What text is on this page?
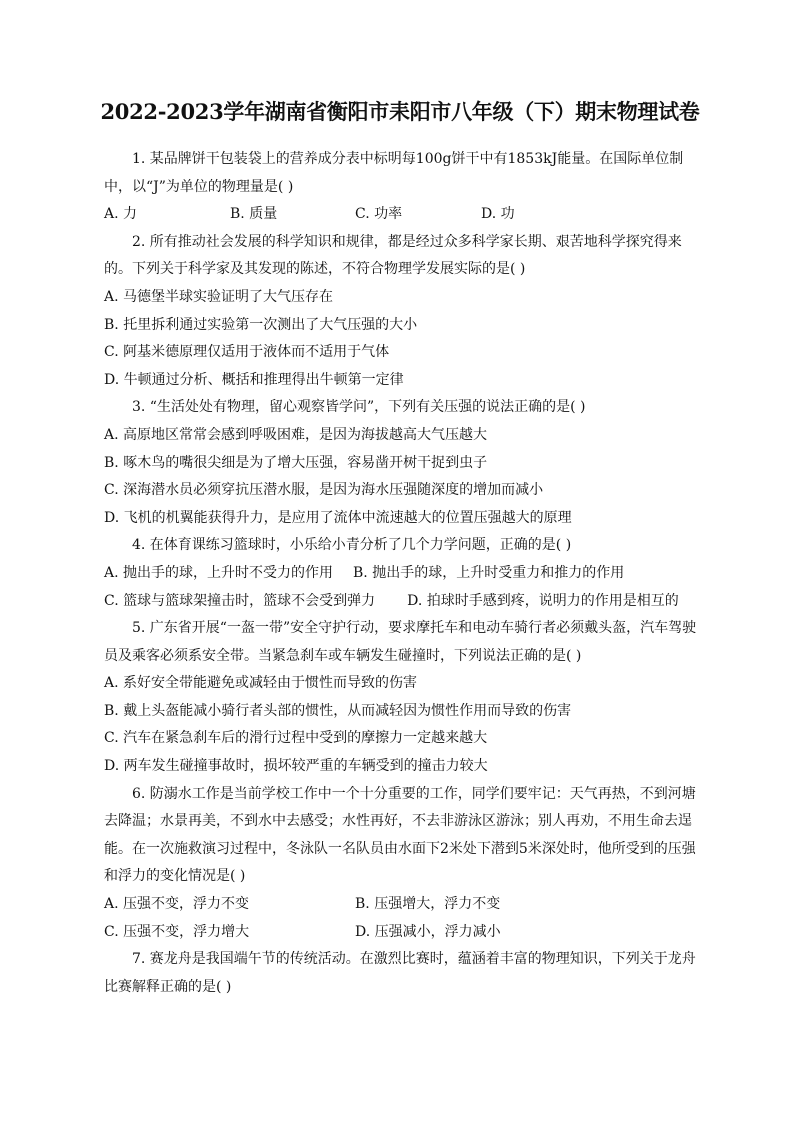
2022-2023学年湖南省衡阳市耒阳市八年级（下）期末物理试卷
1. 某品牌饼干包装袋上的营养成分表中标明每100g饼干中有1853kJ能量。在国际单位制中，以“J”为单位的物理量是( )
A. 力	B. 质量	C. 功率	D. 功
2. 所有推动社会发展的科学知识和规律，都是经过众多科学家长期、艰苦地科学探究得来的。下列关于科学家及其发现的陈述，不符合物理学发展实际的是( )
A. 马德堡半球实验证明了大气压存在
B. 托里拆利通过实验第一次测出了大气压强的大小
C. 阿基米德原理仅适用于液体而不适用于气体
D. 牛顿通过分析、概括和推理得出牛顿第一定律
3. “生活处处有物理，留心观察皆学问”，下列有关压强的说法正确的是( )
A. 高原地区常常会感到呼吸困难，是因为海拔越高大气压越大
B. 啄木鸟的嘴很尖细是为了增大压强，容易凿开树干捉到虫子
C. 深海潜水员必须穿抗压潜水服，是因为海水压强随深度的增加而减小
D. 飞机的机翼能获得升力，是应用了流体中流速越大的位置压强越大的原理
4. 在体育课练习篮球时，小乐给小青分析了几个力学问题，正确的是( )
A. 抛出手的球，上升时不受力的作用 B. 抛出手的球，上升时受重力和推力的作用
C. 篮球与篮球架撞击时，篮球不会受到弹力 D. 拍球时手感到疼，说明力的作用是相互的
5. 广东省开展“一盔一带”安全守护行动，要求摩托车和电动车骑行者必须戴头盔，汽车驾驶员及乘客必须系安全带。当紧急刹车或车辆发生碰撞时，下列说法正确的是( )
A. 系好安全带能避免或减轻由于惯性而导致的伤害
B. 戴上头盔能减小骑行者头部的惯性，从而减轻因为惯性作用而导致的伤害
C. 汽车在紧急刹车后的滑行过程中受到的摩擦力一定越来越大
D. 两车发生碰撞事故时，损坏较严重的车辆受到的撞击力较大
6. 防溺水工作是当前学校工作中一个十分重要的工作，同学们要牢记：天气再热，不到河塘去降温；水景再美，不到水中去感受；水性再好，不去非游泳区游泳；别人再劝，不用生命去逞能。在一次施救演习过程中，冬泳队一名队员由水面下2米处下潜到5米深处时，他所受到的压强和浮力的变化情况是( )
A. 压强不变，浮力不变	B. 压强增大，浮力不变
C. 压强不变，浮力增大	D. 压强减小，浮力减小
7. 赛龙舟是我国端午节的传统活动。在激烈比赛时，蕴涵着丰富的物理知识，下列关于龙舟比赛解释正确的是( )
